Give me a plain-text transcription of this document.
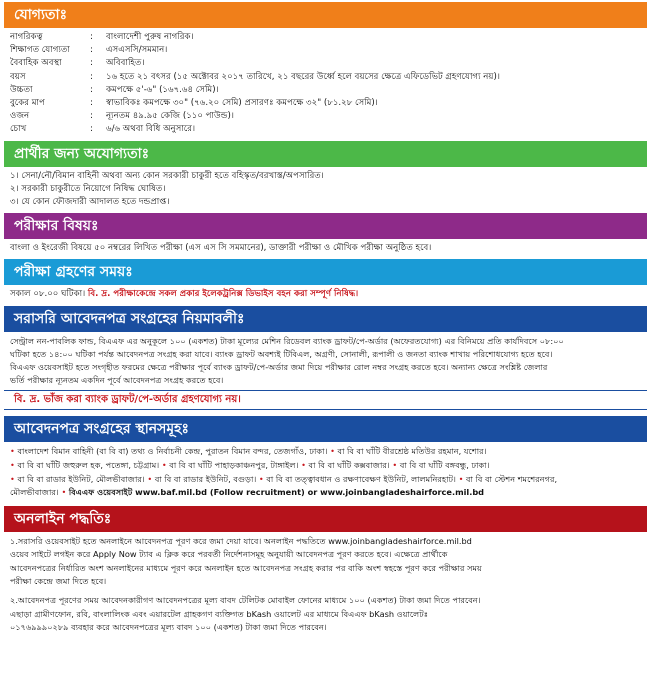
যোগ্যতাঃ
নাগরিকত্ব	:	বাংলাদেশী পুরুষ নাগরিক।
শিক্ষাগত যোগ্যতা	:	এসএসসি/সমমান।
বৈবাহিক অবস্থা	:	অবিবাহিত।
বয়স	:	১৬ হতে ২১ বৎসর (১৫ অক্টোবর ২০১৭ তারিখে, ২১ বছরের উর্ধ্বে হলে বয়সের ক্ষেত্রে এফিডেভিট গ্রহণযোগ্য নয়)।
উচ্চতা	:	কমপক্ষে ৫'-৬" (১৬৭.৬৪ সেমি)।
বুকের মাপ	:	স্বাভাবিকঃ কমপক্ষে ৩০" (৭৬.২০ সেমি) প্রসারণঃ কমপক্ষে ৩২" (৮১.২৮ সেমি)।
ওজন	:	ন্যূনতম ৪৯.৯৫ কেজি (১১০ পাউন্ড)।
চোখ	:	৬/৬ অথবা বিধি অনুসারে।
প্রার্থীর জন্য অযোগ্যতাঃ
১। সেনা/নৌ/বিমান বাহিনী অথবা অন্য কোন সরকারী চাকুরী হতে বহিস্কৃত/বরখাস্ত/অপসারিত।
২। সরকারী চাকুরীতে নিয়োগে নিষিদ্ধ ঘোষিত।
৩। যে কোন ফৌজদারী আদালত হতে দন্ডপ্রাপ্ত।
পরীক্ষার বিষয়ঃ
বাংলা ও ইংরেজী বিষয়ে ৫০ নম্বরের লিখিত পরীক্ষা (এস এস সি সমমানের), ডাক্তারী পরীক্ষা ও মৌখিক পরীক্ষা অনুষ্ঠিত হবে।
পরীক্ষা গ্রহণের সময়ঃ
সকাল ০৮.০০ ঘটিকা। বি. দ্র. পরীক্ষাকেন্দ্রে সকল প্রকার ইলেকট্রনিক্স ডিভাইস বহন করা সম্পূর্ণ নিষিদ্ধ।
সরাসরি আবেদনপত্র সংগ্রহের নিয়মাবলীঃ
সেন্ট্রাল নন-পাবলিক ফান্ড, বিএএফ এর অনুকূলে ১০০ (একশত) টাকা মূল্যের মেশিন রিডেবল ব্যাংক ড্রাফট/পে-অর্ডার (অফেরতযোগ্য) এর বিনিময়ে প্রতি কার্যদিবসে ০৮:০০
ঘটিকা হতে ১৪:০০ ঘটিকা পর্যন্ত আবেদনপত্র সংগ্রহ করা যাবে। ব্যাংক ড্রাফট অবশ্যই টিবিএল, অগ্রণী, সোনালী, রূপালী ও জনতা ব্যাংক শাখায় পরিশোধযোগ্য হতে হবে।
বিএএফ ওয়েবসাইট হতে সংগৃহীত ফরমের ক্ষেত্রে পরীক্ষার পূর্বে ব্যাংক ড্রাফট/পে-অর্ডার জমা দিয়ে পরীক্ষার রোল নম্বর সংগ্রহ করতে হবে। অন্যান্য ক্ষেত্রে সংশ্লিষ্ট জেলার
ভর্তি পরীক্ষার ন্যূনতম একদিন পূর্বে আবেদনপত্র সংগ্রহ করতে হবে।
বি. দ্র. ভাঁজ করা ব্যাংক ড্রাফট/পে-অর্ডার গ্রহণযোগ্য নয়।
আবেদনপত্র সংগ্রহের স্থানসমূহঃ
• বাংলাদেশ বিমান বাহিনী (বা বি বা) তথ্য ও নির্বাচনী কেন্দ্র, পুরাতন বিমান বন্দর, তেজগাঁও, ঢাকা। • বা বি বা ঘাঁটি বীরশ্রেষ্ঠ মতিউর রহমান, যশোর।
• বা বি বা ঘাঁটি জহুরুল হক, পতেঙ্গা, চট্টগ্রাম। • বা বি বা ঘাঁটি পাহাড়কাঞ্চনপুর, টাঙ্গাইল। • বা বি বা ঘাঁটি কক্সবাজার। • বা বি বা ঘাঁটি বঙ্গবন্ধু, ঢাকা।
• বা বি বা রাডার ইউনিট, মৌলভীবাজার। • বা বি বা রাডার ইউনিট, বগুড়া। • বা বি বা তত্ত্বাবধান ও রক্ষণাবেক্ষণ ইউনিট, লালমনিরহাট। • বা বি বা স্টেশন শমশেরনগর,
মৌলভীবাজার। • বিএএফ ওয়েবসাইট www.baf.mil.bd (Follow recruitment) or www.joinbangladeshairforce.mil.bd
অনলাইন পদ্ধতিঃ
১.সরাসরি ওয়েবসাইট হতে অনলাইনে আবেদনপত্র পূরণ করে জমা দেয়া যাবে। অনলাইন পদ্ধতিতে www.joinbangladeshairforce.mil.bd
ওয়েব সাইটে লগইন করে Apply Now ট্যাব এ ক্লিক করে পরবর্তী নির্দেশনাসমূহ অনুযায়ী আবেদনপত্র পূরণ করতে হবে। এক্ষেত্রে প্রার্থীকে
আবেদনপত্রের নির্ধারিত অংশ অনলাইনের মাধ্যমে পূরণ করে অনলাইন হতে আবেদনপত্র সংগ্রহ করার পর বাকি অংশ স্বহস্তে পূরণ করে পরীক্ষার সময়
পরীক্ষা কেন্দ্রে জমা দিতে হবে।
২.আবেদনপত্র পূরণের সময় আবেদনকারীগণ আবেদনপত্রের মূল্য বাবদ টেলিটক মোবাইল ফোনের মাধ্যমে ১০০ (একশত) টাকা জমা দিতে পারবেন।
এছাড়া গ্রামীণফোন, রবি, বাংলালিংক এবং এয়ারটেল গ্রাহকগণ ব্যক্তিগত bKash ওয়ালেট এর মাধ্যমে বিএএফ bKash ওয়ালেটঃ
০১৭৬৯৯৯০২৮৯ ব্যবহার করে আবেদনপত্রের মূল্য বাবদ ১০০ (একশত) টাকা জমা দিতে পারবেন।
